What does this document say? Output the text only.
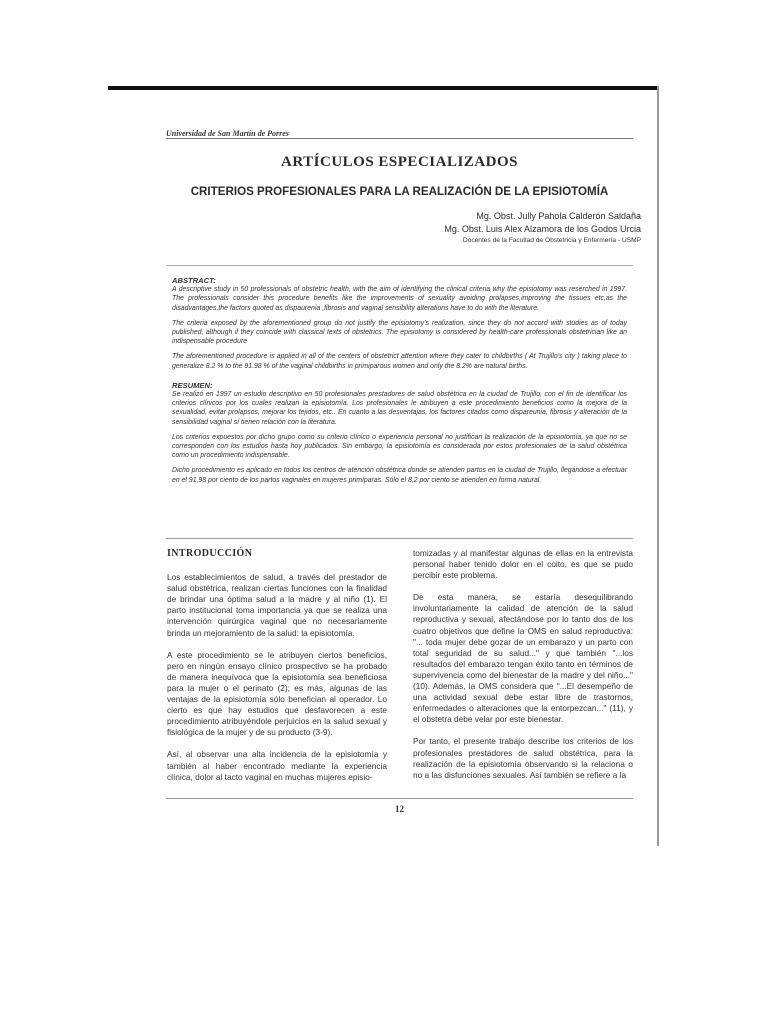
Universidad de San Martín de Porres
ARTÍCULOS ESPECIALIZADOS
CRITERIOS PROFESIONALES PARA LA REALIZACIÓN DE LA EPISIOTOMÍA
Mg. Obst. Jully Pahola Calderón Saldaña
Mg. Obst. Luis Alex Alzamora de los Godos Urcia
Docentes de la Facultad de Obstetricia y Enfermería - USMP

ABSTRACT:

A descriptive study in 50 professionals of obstetric health, with the aim of identifying the clinical criteria why the episiotomy was reserched in 1997. The professionals consider this procedure benefits like the improvements of sexuality avoiding prolapses,improving the tissues etc,as the disadvantages,the factors quoted as dispaurenia ,fibrosis and vaginal sensibility alterations have to do with the literature.

The criteria exposed by the aforementioned group do not justify the episiotomy's realization, since they do not accord with studies as of today published, although if they coincide with classical texts of obstetrics. The episiotomy is considered by health-care professionals obstetrician like an indispensable procedure

The aforementioned procedure is applied in all of the centers of obstetrict attention where they cater to childbirths ( At Trujillo's city ) taking place to generalize 8.2 % to the 91.98 % of the vaginal childbirths in primiparous women and only the 8.2% are natural births.

RESUMEN:

Se realizó en 1997 un estudio descriptivo en 50 profesionales prestadores de salud obstétrica en la ciudad de Trujillo, con el fin de identificar los criterios clínicos por los cuales realizan la episiotomía. Los profesionales le atribuyen a este procedimiento beneficios como la mejora de la sexualidad, evitar prolapsos, mejorar los tejidos, etc.. En cuanto a las desventajas, los factores citados como dispareunia, fibrosis y alteración de la sensibilidad vaginal sí tienen relación con la literatura.

Los criterios expuestos por dicho grupo como su criterio clínico o experiencia personal no justifican la realización de la episiotomía, ya que no se corresponden con los estudios hasta hoy publicados. Sin embargo, la episiotomía es considerada por estos profesionales de la salud obstétrica como un procedimiento indispensable.

Dicho procedimiento es aplicado en todos los centros de atención obstétrica donde se atienden partos en la ciudad de Trujillo, llegándose a efectuar en el 91,98 por ciento de los partos vaginales en mujeres primíparas. Sólo el 8,2 por ciento se atienden en forma natural.

INTRODUCCIÓN

Los establecimientos de salud, a través del prestador de salud obstétrica, realizan ciertas funciones con la finalidad de brindar una óptima salud a la madre y al niño (1). El parto institucional toma importancia ya que se realiza una intervención quirúrgica vaginal que no necesariamente brinda un mejoramiento de la salud: la episiotomía.

A este procedimiento se le atribuyen ciertos beneficios, pero en ningún ensayo clínico prospectivo se ha probado de manera inequívoca que la episiotomía sea beneficiosa para la mujer o el perinato (2); es más, algunas de las ventajas de la episiotomía sólo benefician al operador. Lo cierto es que hay estudios que desfavorecen a este procedimiento atribuyéndole perjuicios en la salud sexual y fisiológica de la mujer y de su producto (3-9).

Así, al observar una alta incidencia de la episiotomía y también al haber encontrado mediante la experiencia clínica, dolor al tacto vaginal en muchas mujeres episio-

tomizadas y al manifestar algunas de ellas en la entrevista personal haber tenido dolor en el coito, es que se pudo percibir este problema.

De esta manera, se estaría desequilibrando involuntariamente la calidad de atención de la salud reproductiva y sexual, afectándose por lo tanto dos de los cuatro objetivos que define la OMS en salud reproductiva: "... toda mujer debe gozar de un embarazo y un parto con total seguridad de su salud..." y que también "...los resultados del embarazo tengan éxito tanto en términos de supervivencia como del bienestar de la madre y del niño..." (10). Además, la OMS considera que "...El desempeño de una actividad sexual debe estar libre de trastornos, enfermedades o alteraciones que la entorpezcan..." (11), y el obstetra debe velar por este bienestar.

Por tanto, el presente trabajo describe los criterios de los profesionales prestadores de salud obstétrica, para la realización de la episiotomía observando si la relaciona o no a las disfunciones sexuales. Así también se refiere a la

12
